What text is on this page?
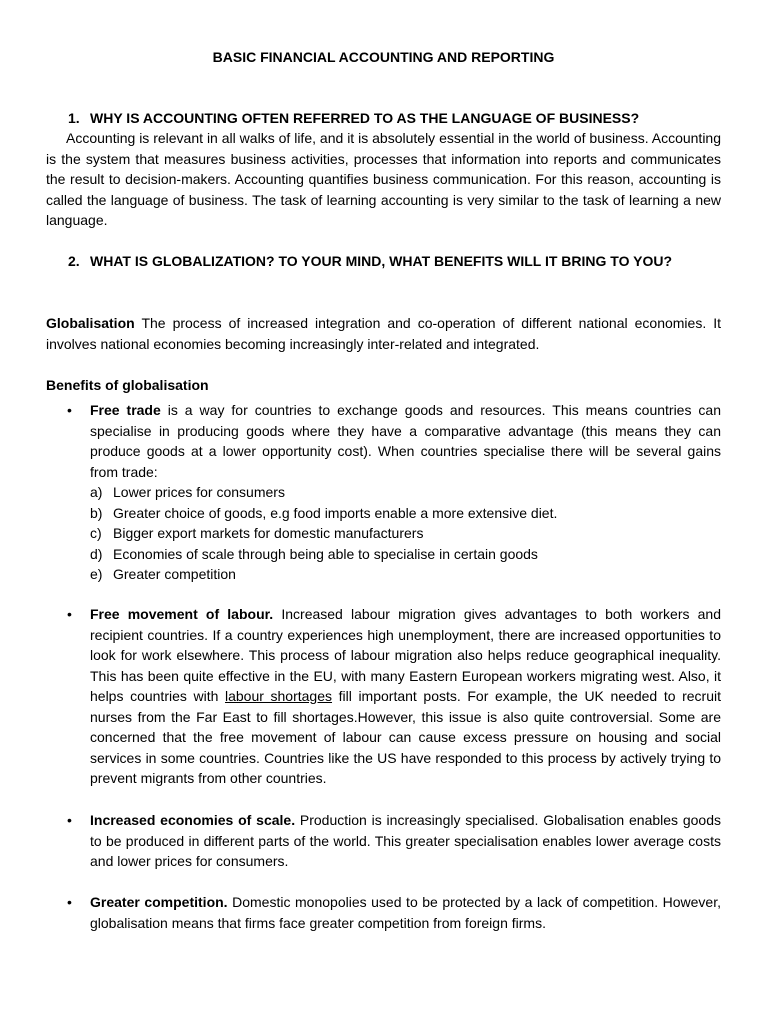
BASIC FINANCIAL ACCOUNTING AND REPORTING
1. WHY IS ACCOUNTING OFTEN REFERRED TO AS THE LANGUAGE OF BUSINESS?

Accounting is relevant in all walks of life, and it is absolutely essential in the world of business. Accounting is the system that measures business activities, processes that information into reports and communicates the result to decision-makers. Accounting quantifies business communication. For this reason, accounting is called the language of business. The task of learning accounting is very similar to the task of learning a new language.

2. WHAT IS GLOBALIZATION? TO YOUR MIND, WHAT BENEFITS WILL IT BRING TO YOU?

Globalisation The process of increased integration and co-operation of different national economies. It involves national economies becoming increasingly inter-related and integrated.

Benefits of globalisation
•	Free trade is a way for countries to exchange goods and resources. This means countries can specialise in producing goods where they have a comparative advantage (this means they can produce goods at a lower opportunity cost). When countries specialise there will be several gains from trade:
a) Lower prices for consumers
b) Greater choice of goods, e.g food imports enable a more extensive diet.
c) Bigger export markets for domestic manufacturers
d) Economies of scale through being able to specialise in certain goods
e) Greater competition
•	Free movement of labour. Increased labour migration gives advantages to both workers and recipient countries. If a country experiences high unemployment, there are increased opportunities to look for work elsewhere. This process of labour migration also helps reduce geographical inequality. This has been quite effective in the EU, with many Eastern European workers migrating west. Also, it helps countries with labour shortages fill important posts. For example, the UK needed to recruit nurses from the Far East to fill shortages.However, this issue is also quite controversial. Some are concerned that the free movement of labour can cause excess pressure on housing and social services in some countries. Countries like the US have responded to this process by actively trying to prevent migrants from other countries.
•	Increased economies of scale. Production is increasingly specialised. Globalisation enables goods to be produced in different parts of the world. This greater specialisation enables lower average costs and lower prices for consumers.
•	Greater competition. Domestic monopolies used to be protected by a lack of competition. However, globalisation means that firms face greater competition from foreign firms.
